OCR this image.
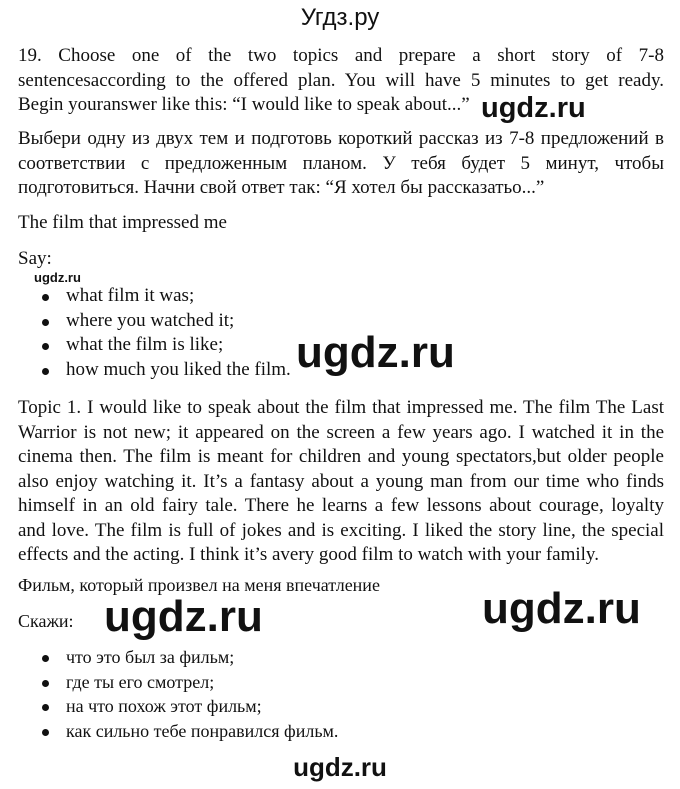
Угдз.ру
19. Choose one of the two topics and prepare a short story of 7-8
sentencesaccording to the offered plan. You will have 5 minutes to get ready.
Begin youranswer like this: “I would like to speak about...” ugdz.ru
Выбери одну из двух тем и подготовь короткий рассказ из 7-8 предложений в
соответствии с предложенным планом. У тебя будет 5 минут, чтобы
подготовиться. Начни свой ответ так: “Я хотел бы рассказатьо...”
The film that impressed me
Say:
ugdz.ru
what film it was;
where you watched it;
what the film is like;
how much you liked the film. ugdz.ru
Topic 1. I would like to speak about the film that impressed me. The film The Last
Warrior is not new; it appeared on the screen a few years ago. I watched it in the
cinema then. The film is meant for children and young spectators,but older people
also enjoy watching it. It’s a fantasy about a young man from our time who finds
himself in an old fairy tale. There he learns a few lessons about courage, loyalty
and love. The film is full of jokes and is exciting. I liked the story line, the special
effects and the acting. I think it’s avery good film to watch with your family.
Фильм, который произвел на меня впечатление
Скажи: ugdz.ru	ugdz.ru
что это был за фильм;
где ты его смотрел;
на что похож этот фильм;
как сильно тебе понравился фильм.
ugdz.ru
